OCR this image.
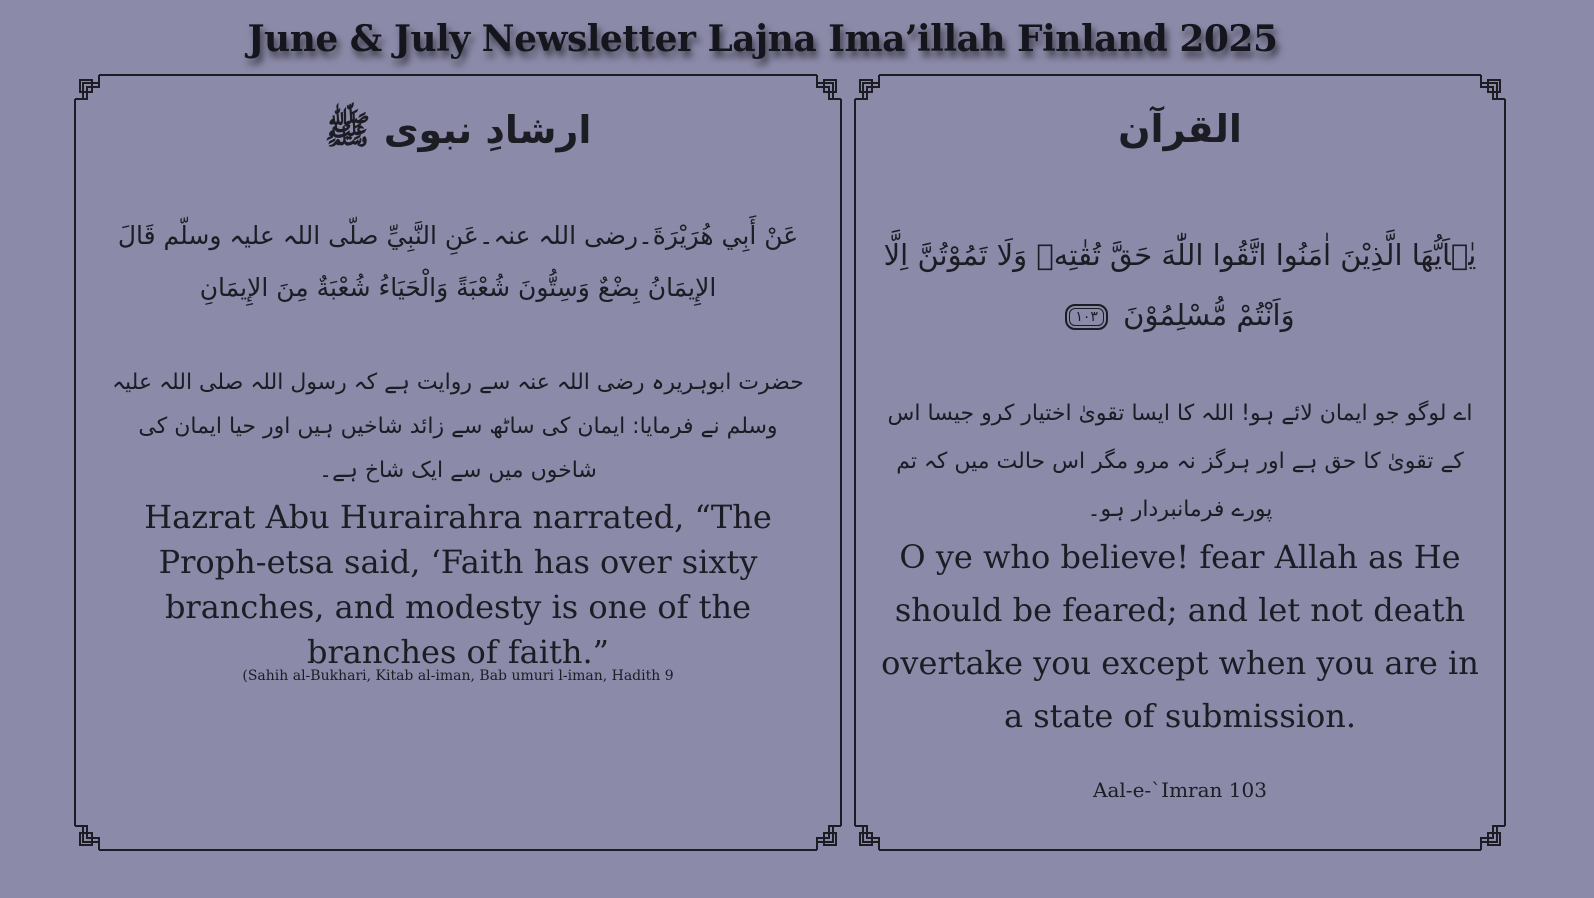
June & July Newsletter Lajna Ima’illah Finland 2025
ارشادِ نبوی ﷺ
عَنْ أَبِي هُرَيْرَةَ۔رضی اللہ عنہ۔عَنِ النَّبِيِّ صلّی اللہ علیہ وسلّم قَالَ الإِيمَانُ بِضْعٌ وَسِتُّونَ شُعْبَةً وَالْحَيَاءُ شُعْبَةٌ مِنَ الإِيمَانِ
حضرت ابوہریرہ رضی اللہ عنہ سے روایت ہے کہ رسول اللہ صلی اللہ علیہ وسلم نے فرمایا: ایمان کی ساٹھ سے زائد شاخیں ہیں اور حیا ایمان کی شاخوں میں سے ایک شاخ ہے۔
Hazrat Abu Hurairahra narrated, “The Proph-etsa said, ‘Faith has over sixty branches, and modesty is one of the branches of faith.”
(Sahih al-Bukhari, Kitab al-iman, Bab umuri l-iman, Hadith 9
القرآن
يٰۤاَيُّهَا الَّذِيْنَ اٰمَنُوا اتَّقُوا اللّٰهَ حَقَّ تُقٰتِهٖ وَلَا تَمُوْتُنَّ اِلَّا وَاَنْتُمْ مُّسْلِمُوْنَ ١٠٣
اے لوگو جو ایمان لائے ہو! اللہ کا ایسا تقویٰ اختیار کرو جیسا اس کے تقویٰ کا حق ہے اور ہرگز نہ مرو مگر اس حالت میں کہ تم پورے فرمانبردار ہو۔
O ye who believe! fear Allah as He should be feared; and let not death overtake you except when you are in a state of submission.
Aal-e-`Imran 103
